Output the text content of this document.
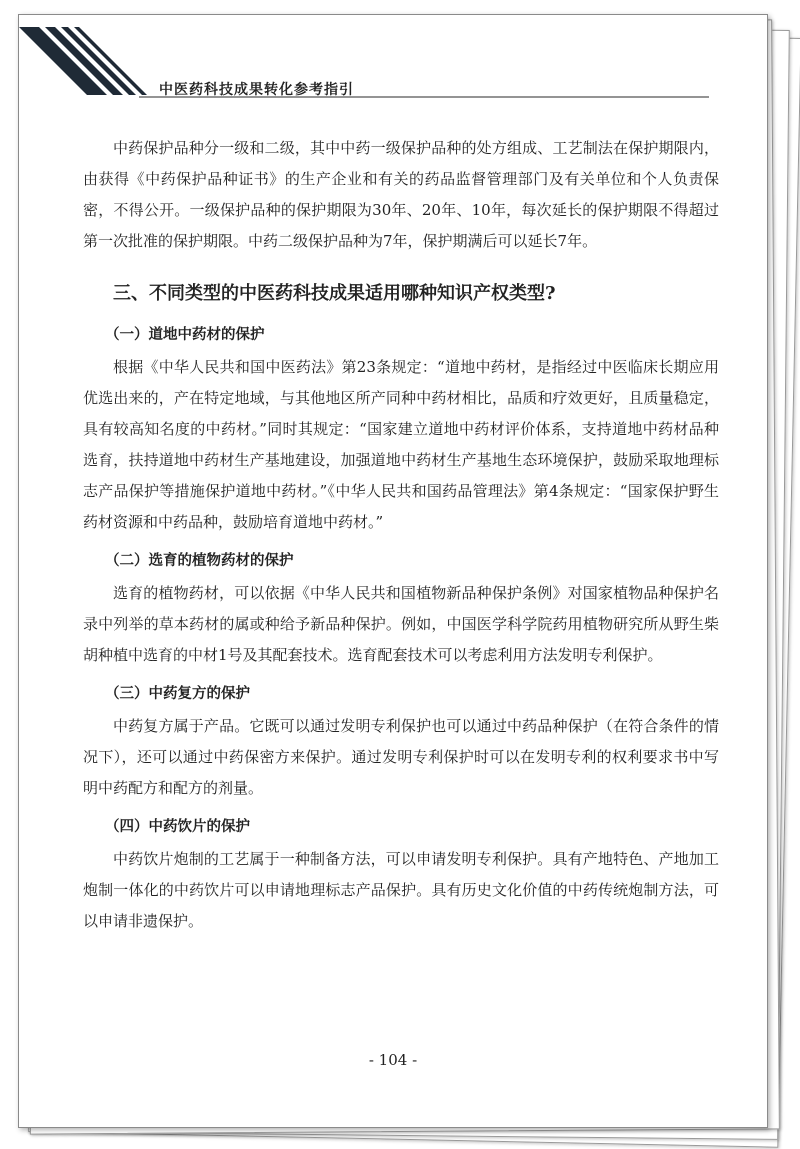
中医药科技成果转化参考指引

中药保护品种分一级和二级，其中中药一级保护品种的处方组成、工艺制法在保护期限内，由获得《中药保护品种证书》的生产企业和有关的药品监督管理部门及有关单位和个人负责保密，不得公开。一级保护品种的保护期限为30年、20年、10年，每次延长的保护期限不得超过第一次批准的保护期限。中药二级保护品种为7年，保护期满后可以延长7年。

三、不同类型的中医药科技成果适用哪种知识产权类型?
（一）道地中药材的保护

根据《中华人民共和国中医药法》第23条规定：“道地中药材，是指经过中医临床长期应用优选出来的，产在特定地域，与其他地区所产同种中药材相比，品质和疗效更好，且质量稳定，具有较高知名度的中药材。”同时其规定：“国家建立道地中药材评价体系，支持道地中药材品种选育，扶持道地中药材生产基地建设，加强道地中药材生产基地生态环境保护，鼓励采取地理标志产品保护等措施保护道地中药材。”《中华人民共和国药品管理法》第4条规定：“国家保护野生药材资源和中药品种，鼓励培育道地中药材。”

（二）选育的植物药材的保护

选育的植物药材，可以依据《中华人民共和国植物新品种保护条例》对国家植物品种保护名录中列举的草本药材的属或种给予新品种保护。例如，中国医学科学院药用植物研究所从野生柴胡种植中选育的中材1号及其配套技术。选育配套技术可以考虑利用方法发明专利保护。

（三）中药复方的保护

中药复方属于产品。它既可以通过发明专利保护也可以通过中药品种保护（在符合条件的情况下），还可以通过中药保密方来保护。通过发明专利保护时可以在发明专利的权利要求书中写明中药配方和配方的剂量。

（四）中药饮片的保护

中药饮片炮制的工艺属于一种制备方法，可以申请发明专利保护。具有产地特色、产地加工炮制一体化的中药饮片可以申请地理标志产品保护。具有历史文化价值的中药传统炮制方法，可以申请非遗保护。

- 104 -
